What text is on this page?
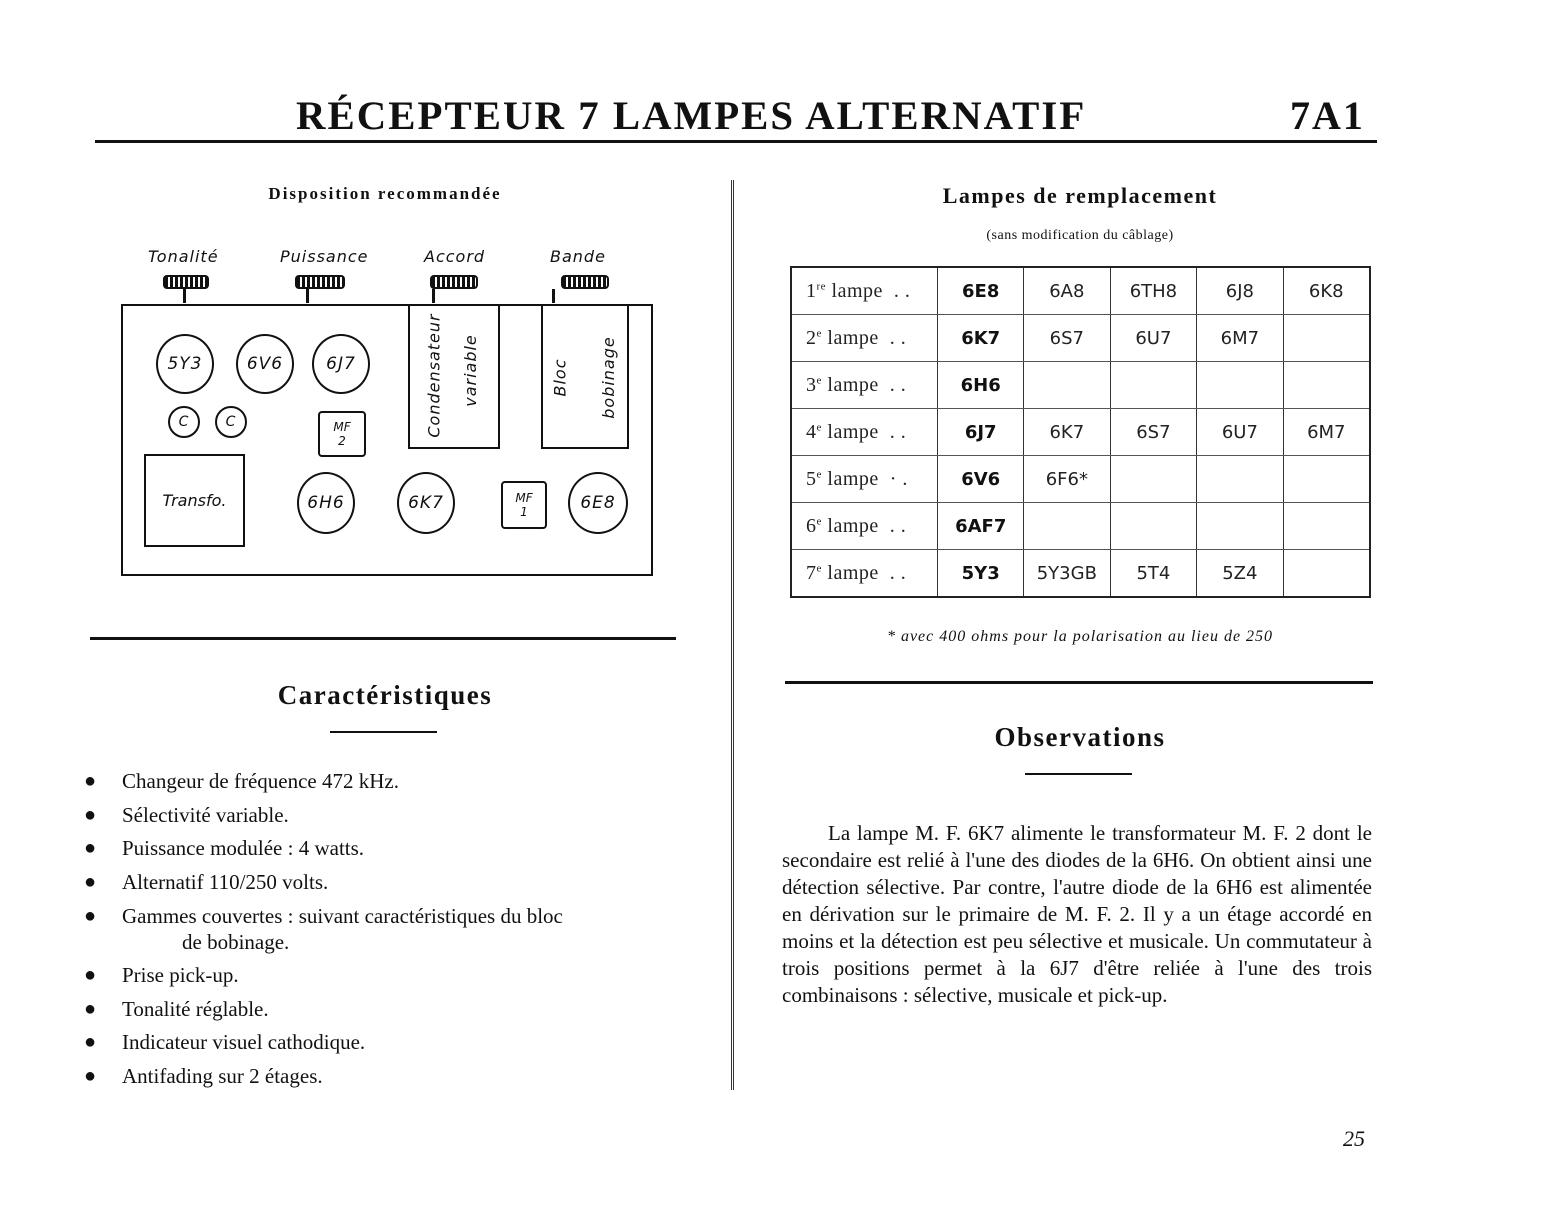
RÉCEPTEUR 7 LAMPES ALTERNATIF	7A1
Disposition recommandée
Tonalité	Puissance	Accord	Bande
5Y3	6V6	6J7
C	C	MF
2
Condensateur variable	Bloc bobinage
Transfo.	6H6	6K7	MF
1	6E8
Caractéristiques
●	Changeur de fréquence 472 kHz.
●	Sélectivité variable.
●	Puissance modulée : 4 watts.
●	Alternatif 110/250 volts.
●	Gammes couvertes : suivant caractéristiques du bloc
de bobinage.
●	Prise pick-up.
●	Tonalité réglable.
●	Indicateur visuel cathodique.
●	Antifading sur 2 étages.
Lampes de remplacement
(sans modification du câblage)
1re lampe  . .	6E8	6A8	6TH8	6J8	6K8
2e lampe  . .	6K7	6S7	6U7	6M7	
3e lampe  . .	6H6				
4e lampe  . .	6J7	6K7	6S7	6U7	6M7
5e lampe  · .	6V6	6F6*			
6e lampe  . .	6AF7				
7e lampe  . .	5Y3	5Y3GB	5T4	5Z4	
* avec 400 ohms pour la polarisation au lieu de 250
Observations
La lampe M. F. 6K7 alimente le transformateur M. F. 2 dont le secondaire est relié à l'une des diodes de la 6H6. On obtient ainsi une détection sélective. Par contre, l'autre diode de la 6H6 est alimentée en dérivation sur le primaire de M. F. 2. Il y a un étage accordé en moins et la détection est peu sélective et musicale. Un commutateur à trois positions permet à la 6J7 d'être reliée à l'une des trois combinaisons : sélective, musicale et pick-up.
25
